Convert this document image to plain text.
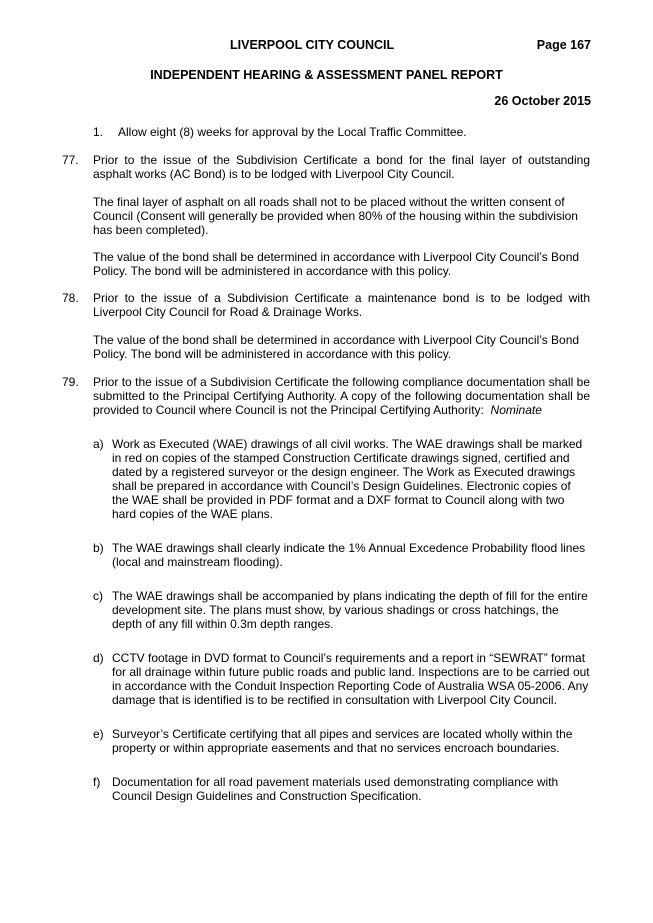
LIVERPOOL CITY COUNCIL	Page 167
INDEPENDENT HEARING & ASSESSMENT PANEL REPORT
26 October 2015
1. Allow eight (8) weeks for approval by the Local Traffic Committee.
77. Prior to the issue of the Subdivision Certificate a bond for the final layer of outstanding asphalt works (AC Bond) is to be lodged with Liverpool City Council.
The final layer of asphalt on all roads shall not to be placed without the written consent of Council (Consent will generally be provided when 80% of the housing within the subdivision has been completed).
The value of the bond shall be determined in accordance with Liverpool City Council’s Bond Policy. The bond will be administered in accordance with this policy.
78. Prior to the issue of a Subdivision Certificate a maintenance bond is to be lodged with Liverpool City Council for Road & Drainage Works.
The value of the bond shall be determined in accordance with Liverpool City Council’s Bond Policy. The bond will be administered in accordance with this policy.
79. Prior to the issue of a Subdivision Certificate the following compliance documentation shall be submitted to the Principal Certifying Authority. A copy of the following documentation shall be provided to Council where Council is not the Principal Certifying Authority: Nominate
a) Work as Executed (WAE) drawings of all civil works. The WAE drawings shall be marked in red on copies of the stamped Construction Certificate drawings signed, certified and dated by a registered surveyor or the design engineer. The Work as Executed drawings shall be prepared in accordance with Council’s Design Guidelines. Electronic copies of the WAE shall be provided in PDF format and a DXF format to Council along with two hard copies of the WAE plans.
b) The WAE drawings shall clearly indicate the 1% Annual Excedence Probability flood lines (local and mainstream flooding).
c) The WAE drawings shall be accompanied by plans indicating the depth of fill for the entire development site. The plans must show, by various shadings or cross hatchings, the depth of any fill within 0.3m depth ranges.
d) CCTV footage in DVD format to Council’s requirements and a report in “SEWRAT” format for all drainage within future public roads and public land. Inspections are to be carried out in accordance with the Conduit Inspection Reporting Code of Australia WSA 05-2006. Any damage that is identified is to be rectified in consultation with Liverpool City Council.
e) Surveyor’s Certificate certifying that all pipes and services are located wholly within the property or within appropriate easements and that no services encroach boundaries.
f) Documentation for all road pavement materials used demonstrating compliance with Council Design Guidelines and Construction Specification.
